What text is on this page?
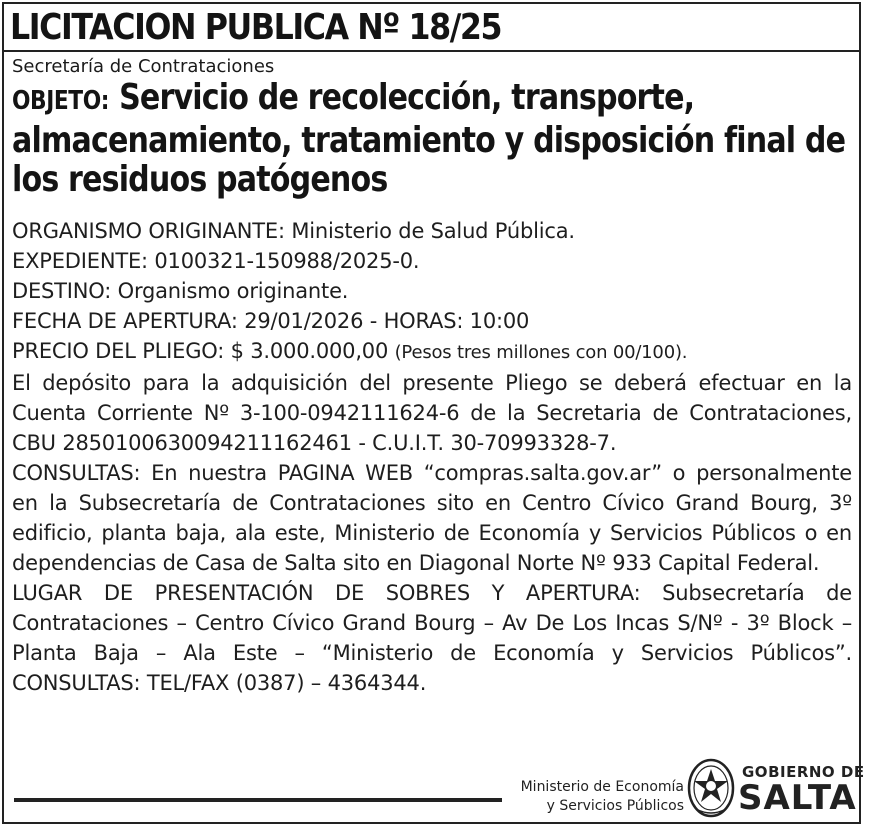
LICITACION PUBLICA Nº 18/25
Secretaría de Contrataciones
OBJETO: Servicio de recolección, transporte, almacenamiento, tratamiento y disposición final de los residuos patógenos
ORGANISMO ORIGINANTE: Ministerio de Salud Pública.
EXPEDIENTE: 0100321-150988/2025-0.
DESTINO: Organismo originante.
FECHA DE APERTURA: 29/01/2026 - HORAS: 10:00
PRECIO DEL PLIEGO: $ 3.000.000,00 (Pesos tres millones con 00/100).
El depósito para la adquisición del presente Pliego se deberá efectuar en la Cuenta Corriente Nº 3-100-0942111624-6 de la Secretaria de Contrataciones, CBU 2850100630094211162461 - C.U.I.T. 30-70993328-7.
CONSULTAS: En nuestra PAGINA WEB “compras.salta.gov.ar” o personalmente en la Subsecretaría de Contrataciones sito en Centro Cívico Grand Bourg, 3º edificio, planta baja, ala este, Ministerio de Economía y Servicios Públicos o en dependencias de Casa de Salta sito en Diagonal Norte Nº 933 Capital Federal.
LUGAR DE PRESENTACIÓN DE SOBRES Y APERTURA: Subsecretaría de Contrataciones – Centro Cívico Grand Bourg – Av De Los Incas S/Nº - 3º Block – Planta Baja – Ala Este – “Ministerio de Economía y Servicios Públicos”. CONSULTAS: TEL/FAX (0387) – 4364344.
Ministerio de Economía
y Servicios Públicos
GOBIERNO DE
SALTA
